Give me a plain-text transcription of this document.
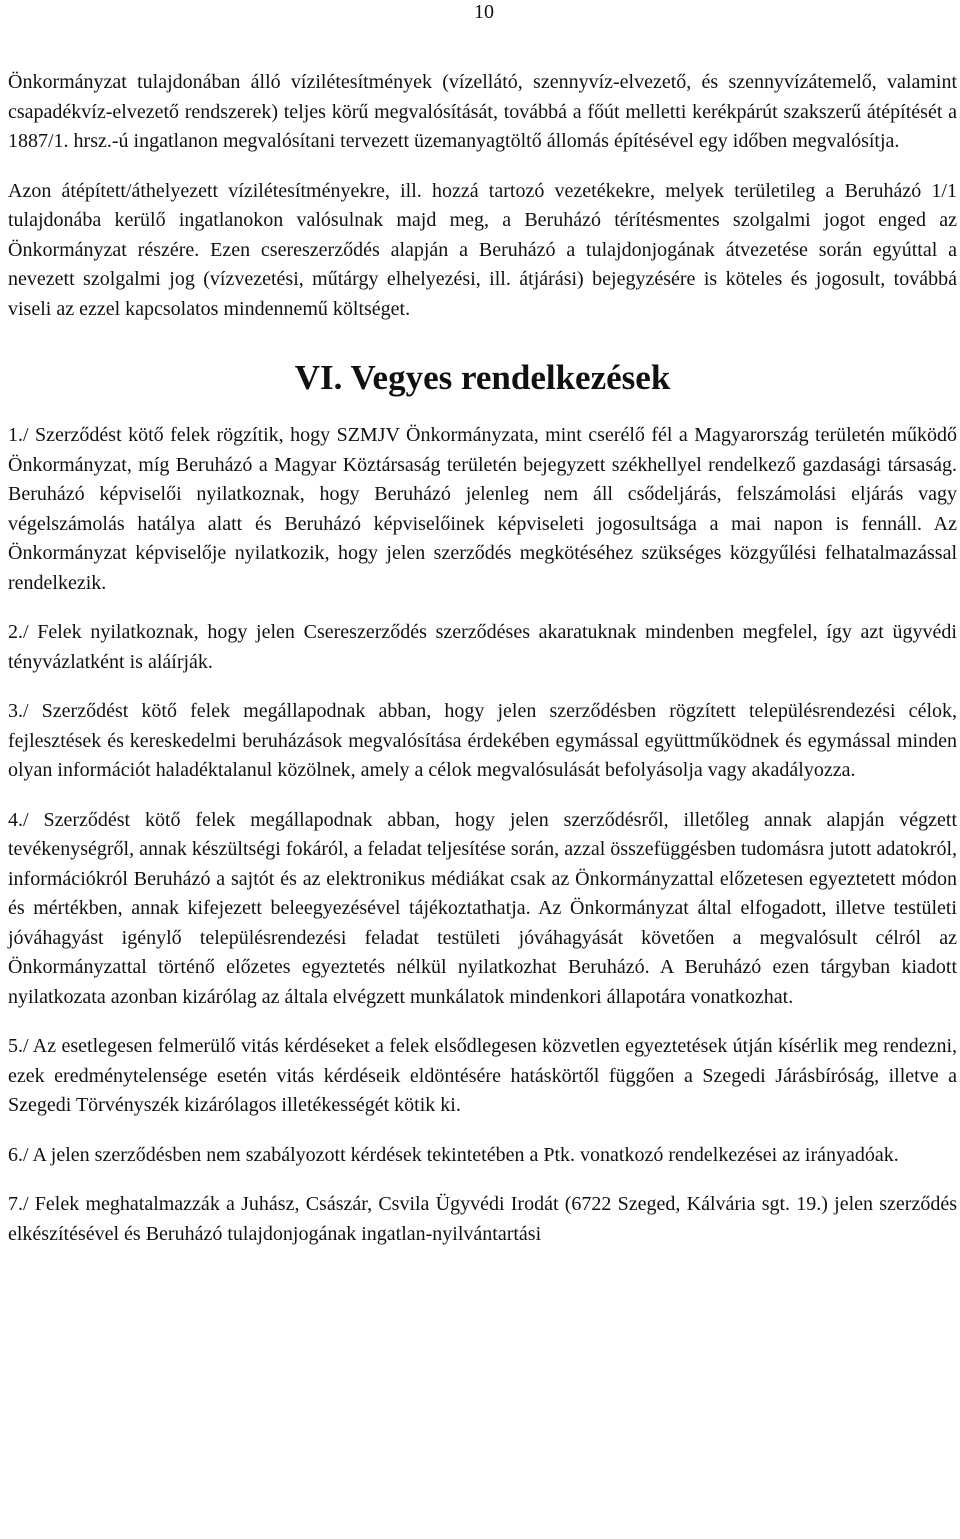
10

Önkormányzat tulajdonában álló vízilétesítmények (vízellátó, szennyvíz-elvezető, és szennyvízátemelő, valamint csapadékvíz-elvezető rendszerek) teljes körű megvalósítását, továbbá a főút melletti kerékpárút szakszerű átépítését a 1887/1. hrsz.-ú ingatlanon megvalósítani tervezett üzemanyagtöltő állomás építésével egy időben megvalósítja.

Azon átépített/áthelyezett vízilétesítményekre, ill. hozzá tartozó vezetékekre, melyek területileg a Beruházó 1/1 tulajdonába kerülő ingatlanokon valósulnak majd meg, a Beruházó térítésmentes szolgalmi jogot enged az Önkormányzat részére. Ezen csereszerződés alapján a Beruházó a tulajdonjogának átvezetése során egyúttal a nevezett szolgalmi jog (vízvezetési, műtárgy elhelyezési, ill. átjárási) bejegyzésére is köteles és jogosult, továbbá viseli az ezzel kapcsolatos mindennemű költséget.

VI. Vegyes rendelkezések

1./ Szerződést kötő felek rögzítik, hogy SZMJV Önkormányzata, mint cserélő fél a Magyarország területén működő Önkormányzat, míg Beruházó a Magyar Köztársaság területén bejegyzett székhellyel rendelkező gazdasági társaság. Beruházó képviselői nyilatkoznak, hogy Beruházó jelenleg nem áll csődeljárás, felszámolási eljárás vagy végelszámolás hatálya alatt és Beruházó képviselőinek képviseleti jogosultsága a mai napon is fennáll. Az Önkormányzat képviselője nyilatkozik, hogy jelen szerződés megkötéséhez szükséges közgyűlési felhatalmazással rendelkezik.

2./ Felek nyilatkoznak, hogy jelen Csereszerződés szerződéses akaratuknak mindenben megfelel, így azt ügyvédi tényvázlatként is aláírják.

3./ Szerződést kötő felek megállapodnak abban, hogy jelen szerződésben rögzített településrendezési célok, fejlesztések és kereskedelmi beruházások megvalósítása érdekében egymással együttműködnek és egymással minden olyan információt haladéktalanul közölnek, amely a célok megvalósulását befolyásolja vagy akadályozza.

4./ Szerződést kötő felek megállapodnak abban, hogy jelen szerződésről, illetőleg annak alapján végzett tevékenységről, annak készültségi fokáról, a feladat teljesítése során, azzal összefüggésben tudomásra jutott adatokról, információkról Beruházó a sajtót és az elektronikus médiákat csak az Önkormányzattal előzetesen egyeztetett módon és mértékben, annak kifejezett beleegyezésével tájékoztathatja. Az Önkormányzat által elfogadott, illetve testületi jóváhagyást igénylő településrendezési feladat testületi jóváhagyását követően a megvalósult célról az Önkormányzattal történő előzetes egyeztetés nélkül nyilatkozhat Beruházó. A Beruházó ezen tárgyban kiadott nyilatkozata azonban kizárólag az általa elvégzett munkálatok mindenkori állapotára vonatkozhat.

5./ Az esetlegesen felmerülő vitás kérdéseket a felek elsődlegesen közvetlen egyeztetések útján kísérlik meg rendezni, ezek eredménytelensége esetén vitás kérdéseik eldöntésére hatáskörtől függően a Szegedi Járásbíróság, illetve a Szegedi Törvényszék kizárólagos illetékességét kötik ki.

6./ A jelen szerződésben nem szabályozott kérdések tekintetében a Ptk. vonatkozó rendelkezései az irányadóak.

7./ Felek meghatalmazzák a Juhász, Császár, Csvila Ügyvédi Irodát (6722 Szeged, Kálvária sgt. 19.) jelen szerződés elkészítésével és Beruházó tulajdonjogának ingatlan-nyilvántartási
